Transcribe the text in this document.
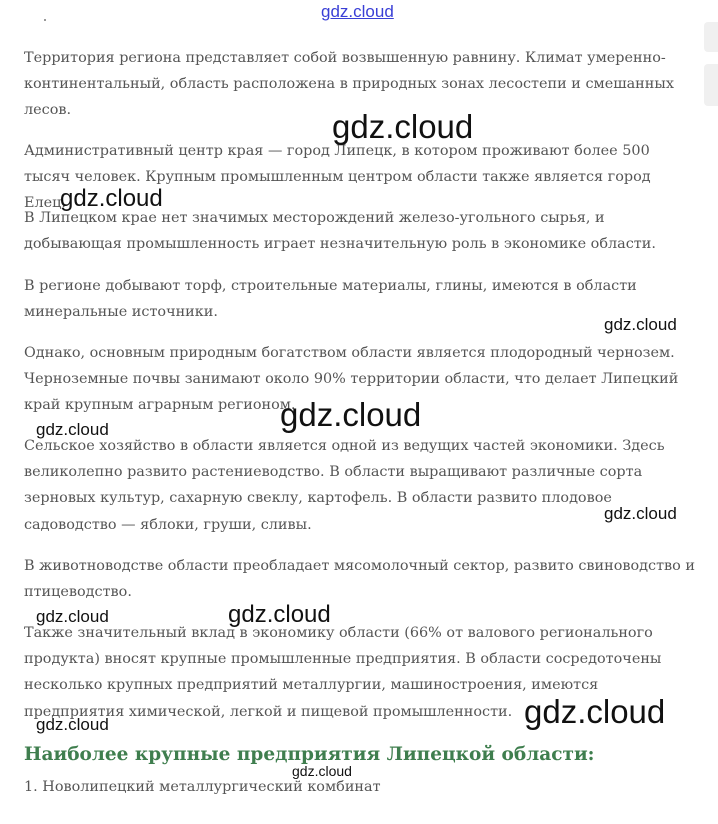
gdz.cloud

Территория региона представляет собой возвышенную равнину. Климат умеренно-континентальный, область расположена в природных зонах лесостепи и смешанных лесов.

Административный центр края — город Липецк, в котором проживают более 500 тысяч человек. Крупным промышленным центром области также является город Елец.

В Липецком крае нет значимых месторождений железо-угольного сырья, и добывающая промышленность играет незначительную роль в экономике области.

В регионе добывают торф, строительные материалы, глины, имеются в области минеральные источники.

Однако, основным природным богатством области является плодородный чернозем. Черноземные почвы занимают около 90% территории области, что делает Липецкий край крупным аграрным регионом.

Сельское хозяйство в области является одной из ведущих частей экономики. Здесь великолепно развито растениеводство. В области выращивают различные сорта зерновых культур, сахарную свеклу, картофель. В области развито плодовое садоводство — яблоки, груши, сливы.

В животноводстве области преобладает мясомолочный сектор, развито свиноводство и птицеводство.

Также значительный вклад в экономику области (66% от валового регионального продукта) вносят крупные промышленные предприятия. В области сосредоточены несколько крупных предприятий металлургии, машиностроения, имеются предприятия химической, легкой и пищевой промышленности.

Наиболее крупные предприятия Липецкой области:

1. Новолипецкий металлургический комбинат

gdz.cloud
gdz.cloud
gdz.cloud
gdz.cloud
gdz.cloud
gdz.cloud
gdz.cloud	gdz.cloud
gdz.cloud	gdz.cloud
gdz.cloud
